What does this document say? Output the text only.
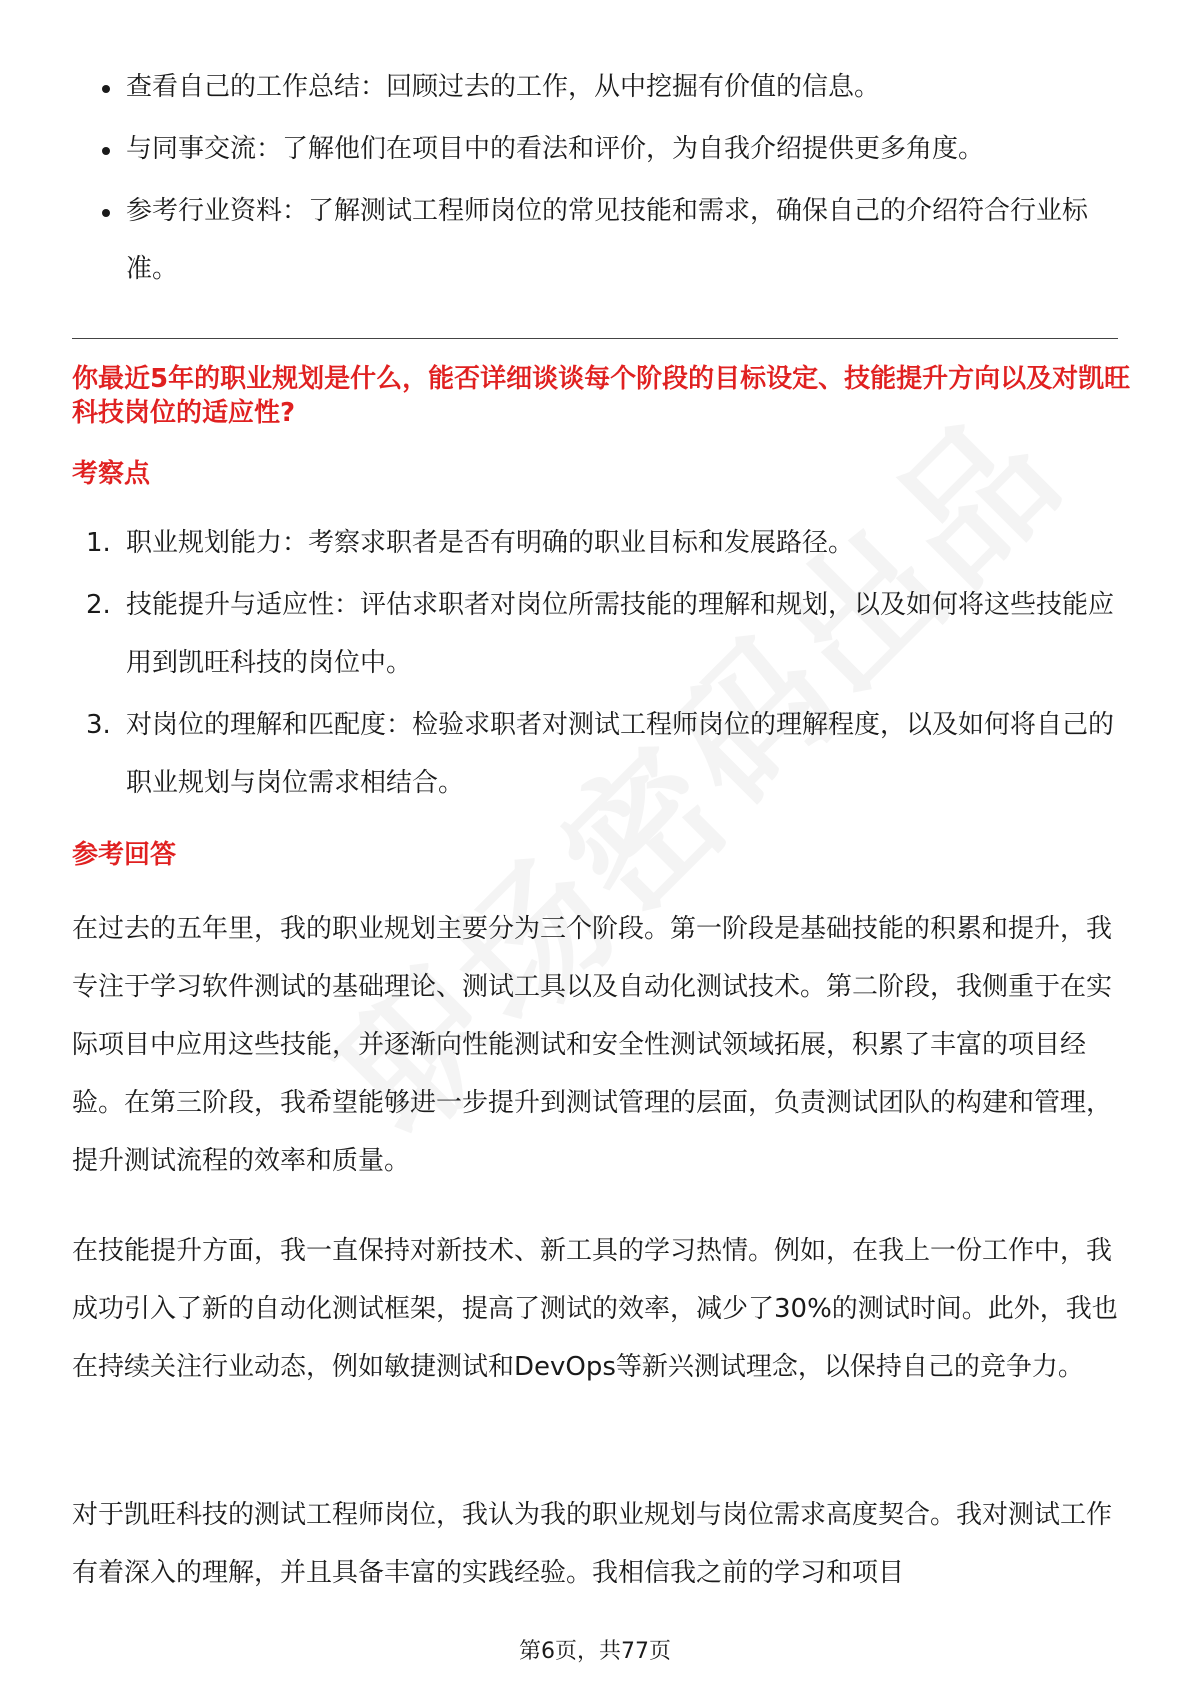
查看自己的工作总结：回顾过去的工作，从中挖掘有价值的信息。
与同事交流：了解他们在项目中的看法和评价，为自我介绍提供更多角度。
参考行业资料：了解测试工程师岗位的常见技能和需求，确保自己的介绍符合行业标准。
你最近5年的职业规划是什么，能否详细谈谈每个阶段的目标设定、技能提升方向以及对凯旺科技岗位的适应性?
考察点
1. 职业规划能力：考察求职者是否有明确的职业目标和发展路径。
2. 技能提升与适应性：评估求职者对岗位所需技能的理解和规划，以及如何将这些技能应用到凯旺科技的岗位中。
3. 对岗位的理解和匹配度：检验求职者对测试工程师岗位的理解程度，以及如何将自己的职业规划与岗位需求相结合。
参考回答

在过去的五年里，我的职业规划主要分为三个阶段。第一阶段是基础技能的积累和提升，我专注于学习软件测试的基础理论、测试工具以及自动化测试技术。第二阶段，我侧重于在实际项目中应用这些技能，并逐渐向性能测试和安全性测试领域拓展，积累了丰富的项目经验。在第三阶段，我希望能够进一步提升到测试管理的层面，负责测试团队的构建和管理，提升测试流程的效率和质量。

在技能提升方面，我一直保持对新技术、新工具的学习热情。例如，在我上一份工作中，我成功引入了新的自动化测试框架，提高了测试的效率，减少了30%的测试时间。此外，我也在持续关注行业动态，例如敏捷测试和DevOps等新兴测试理念，以保持自己的竞争力。

对于凯旺科技的测试工程师岗位，我认为我的职业规划与岗位需求高度契合。我对测试工作有着深入的理解，并且具备丰富的实践经验。我相信我之前的学习和项目

第6页，共77页
